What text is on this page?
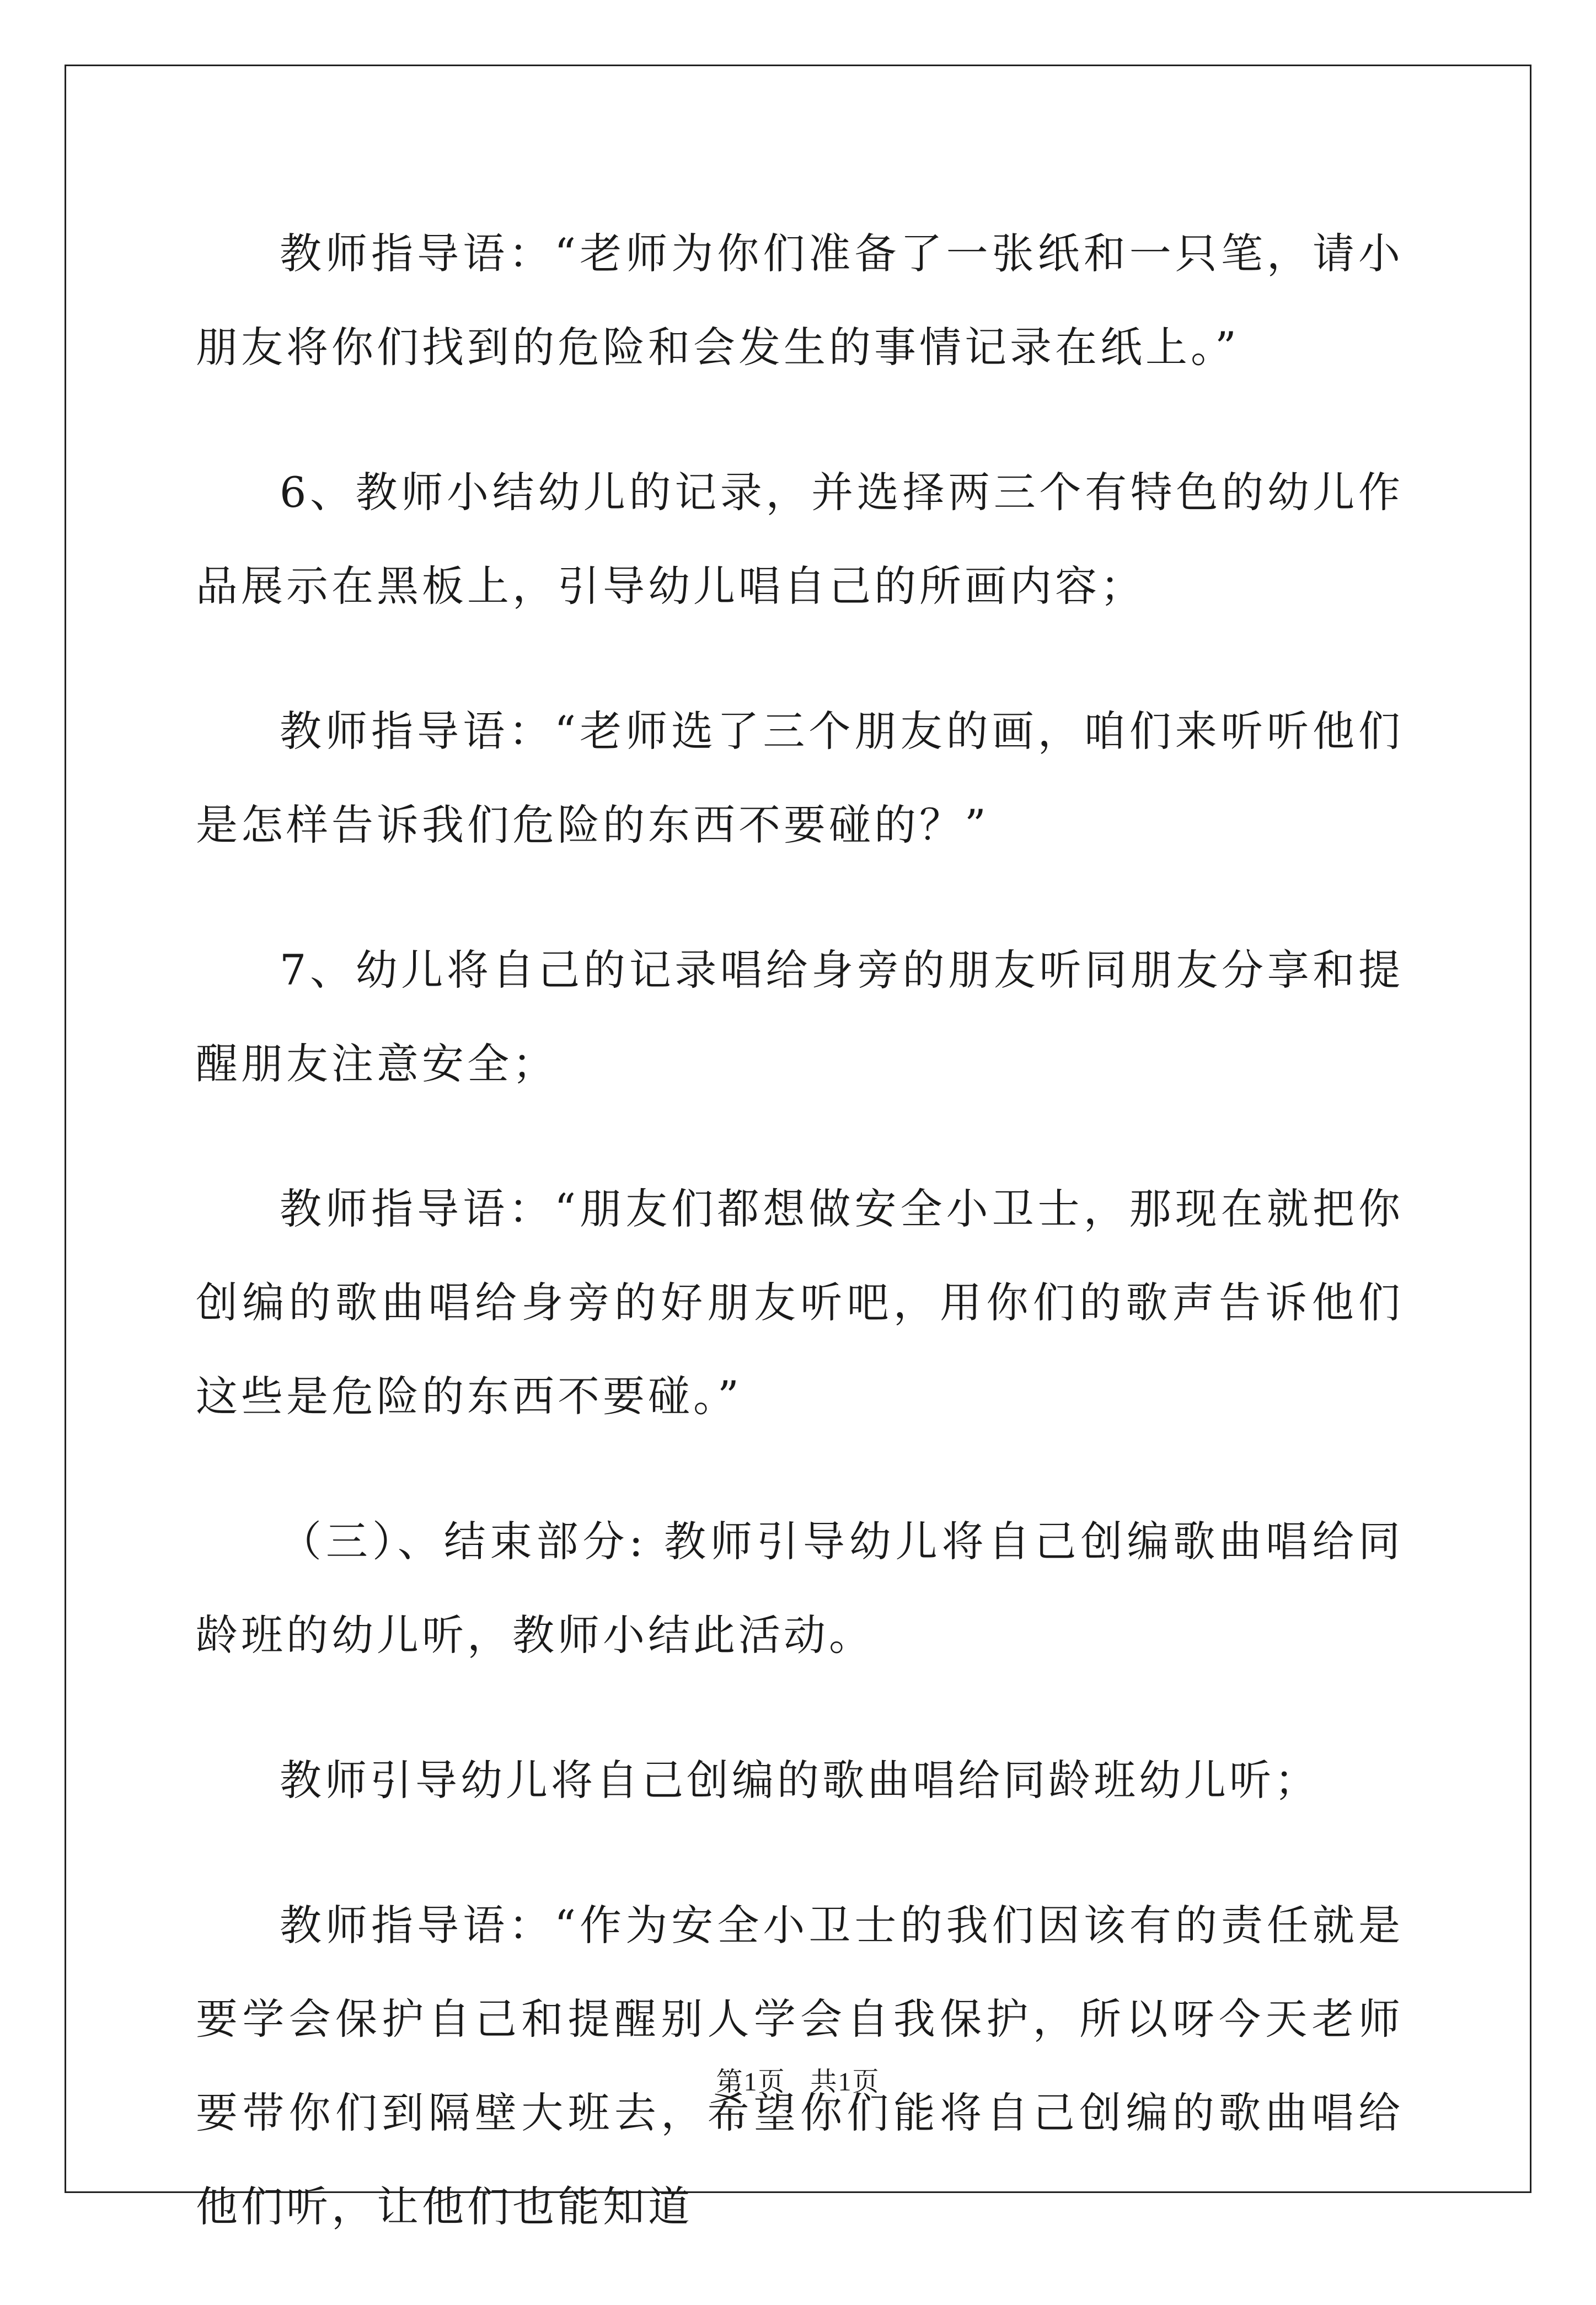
教师指导语：“老师为你们准备了一张纸和一只笔，请小朋友将你们找到的危险和会发生的事情记录在纸上。”

6、教师小结幼儿的记录，并选择两三个有特色的幼儿作品展示在黑板上，引导幼儿唱自己的所画内容；

教师指导语：“老师选了三个朋友的画，咱们来听听他们是怎样告诉我们危险的东西不要碰的？”

7、幼儿将自己的记录唱给身旁的朋友听同朋友分享和提醒朋友注意安全；

教师指导语：“朋友们都想做安全小卫士，那现在就把你创编的歌曲唱给身旁的好朋友听吧，用你们的歌声告诉他们这些是危险的东西不要碰。”

（三）、结束部分: 教师引导幼儿将自己创编歌曲唱给同龄班的幼儿听，教师小结此活动。

教师引导幼儿将自己创编的歌曲唱给同龄班幼儿听；

教师指导语：“作为安全小卫士的我们因该有的责任就是要学会保护自己和提醒别人学会自我保护，所以呀今天老师要带你们到隔壁大班去，希望你们能将自己创编的歌曲唱给他们听，让他们也能知道

第1页 共1页
